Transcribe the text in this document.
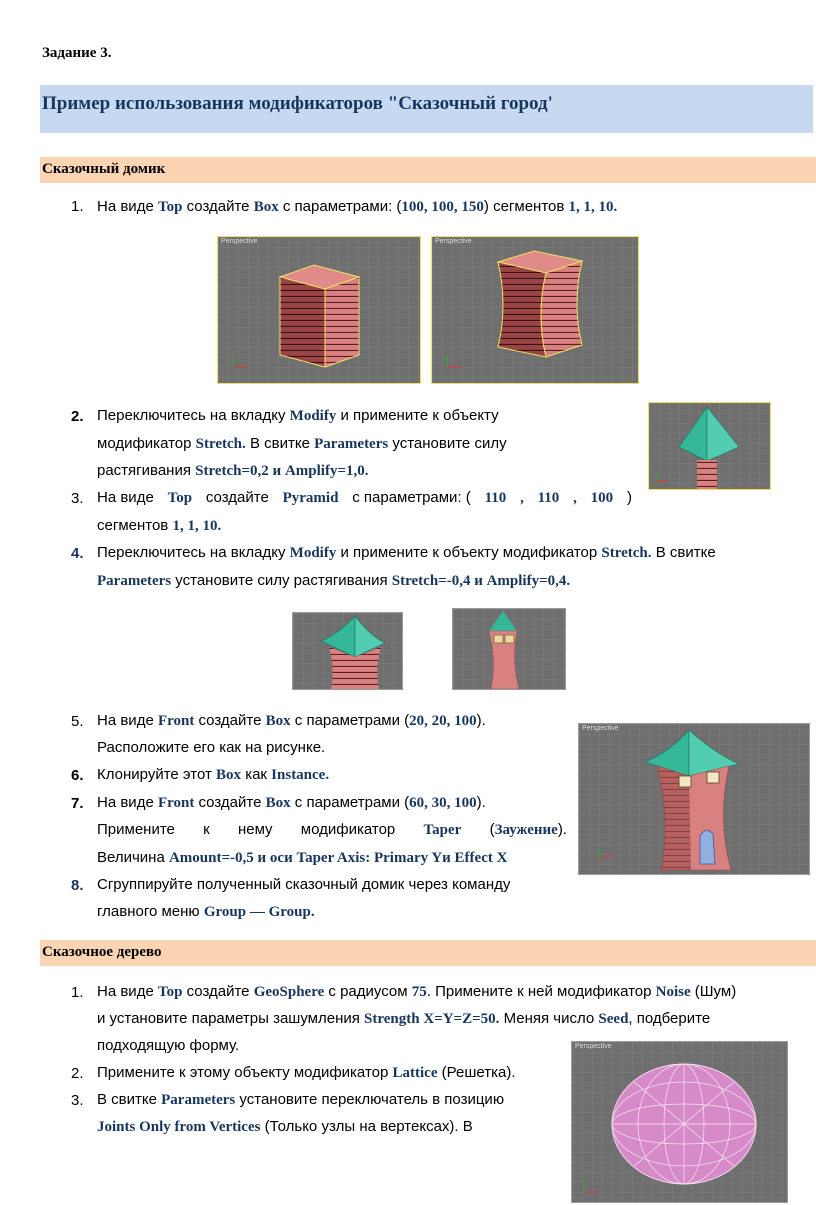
Задание 3.
Пример использования модификаторов "Сказочный город'
Сказочный домик
1. На виде Top создайте Box с параметрами: (100, 100, 150) сегментов 1, 1, 10.
Perspective	Perspective
2. Переключитесь на вкладку Modify и примените к объекту
модификатор Stretch. В свитке Parameters установите силу
растягивания Stretch=0,2 и Amplify=1,0.
3. На виде Top создайте Pyramid с параметрами: ( 110 , 110 , 100 )
сегментов 1, 1, 10.
4. Переключитесь на вкладку Modify и примените к объекту модификатор Stretch. В свитке
Parameters установите силу растягивания Stretch=-0,4 и Amplify=0,4.
5. На виде Front создайте Box с параметрами (20, 20, 100).
Расположите его как на рисунке.
6. Клонируйте этот Box как Instance.
7. На виде Front создайте Box с параметрами (60, 30, 100).
Примените к нему модификатор Taper (Заужение).
Величина Amount=-0,5 и оси Taper Axis: Primary Yи Effect X
Perspective
8. Сгруппируйте полученный сказочный домик через команду
главного меню Group — Group.
Сказочное дерево
1. На виде Top создайте GeoSphere с радиусом 75. Примените к ней модификатор Noise (Шум)
и установите параметры зашумления Strength X=Y=Z=50. Меняя число Seed, подберите
подходящую форму.
2. Примените к этому объекту модификатор Lattice (Решетка).
3. В свитке Parameters установите переключатель в позицию
Joints Only from Vertices (Только узлы на вертексах). В
Perspective
